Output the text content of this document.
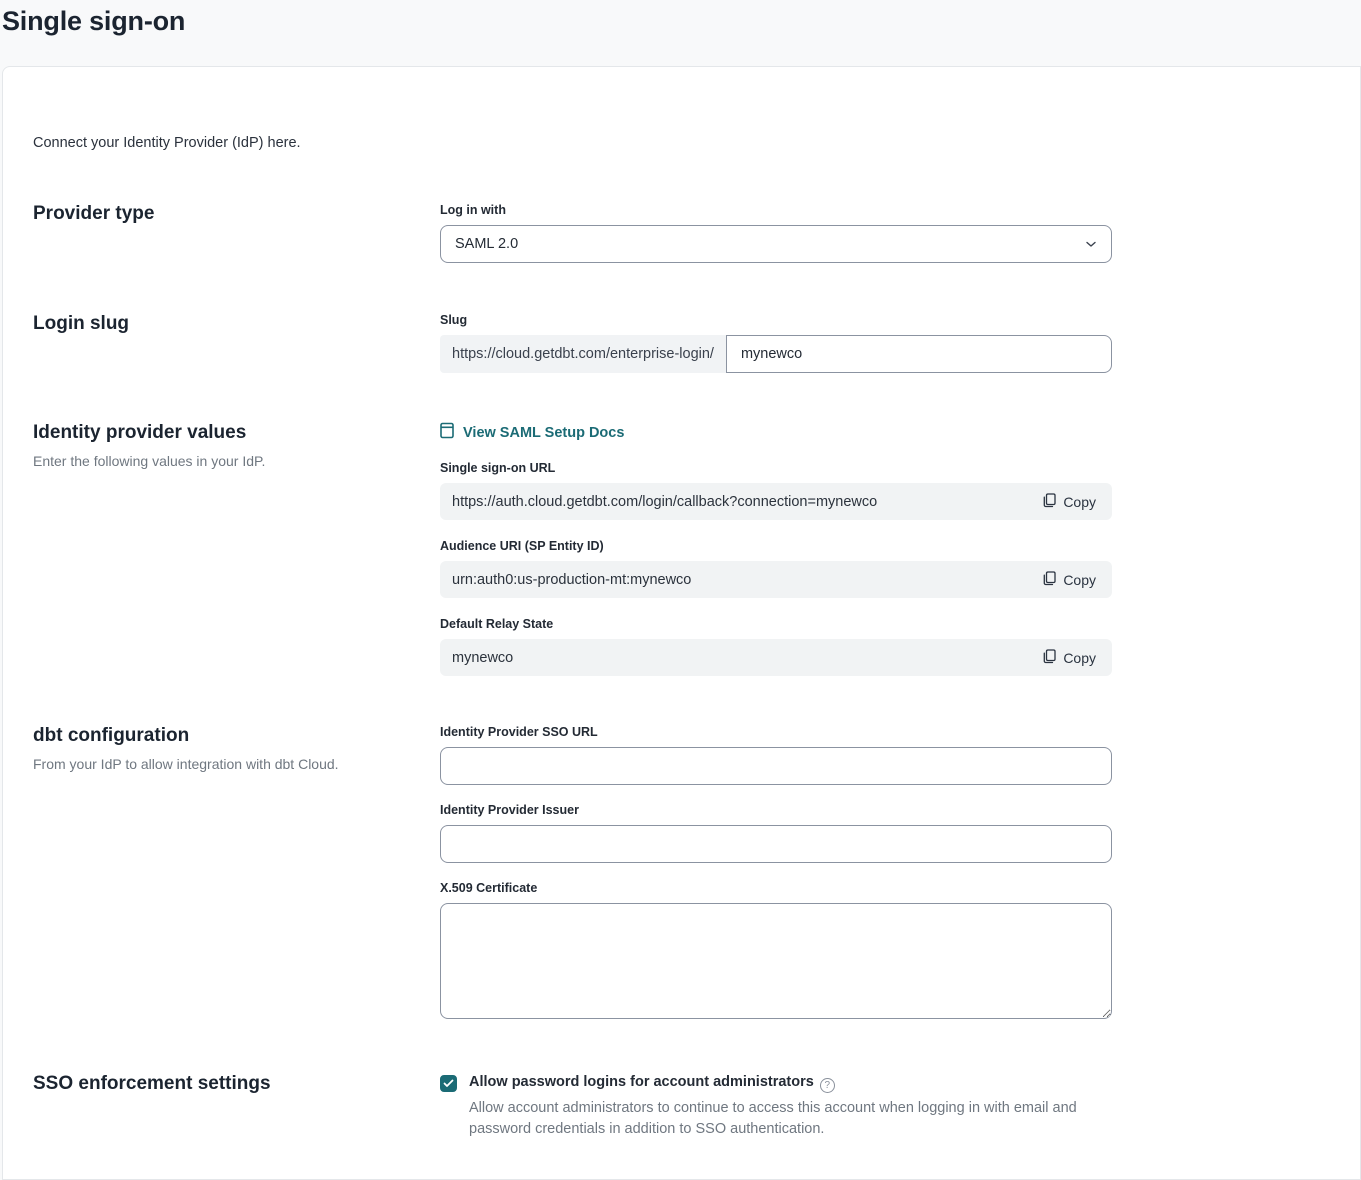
Single sign-on

Connect your Identity Provider (IdP) here.

Provider type	Log in with
SAML 2.0
Login slug	Slug
https://cloud.getdbt.com/enterprise-login/
mynewco
Identity provider values

Enter the following values in your IdP.

View SAML Setup Docs
Single sign-on URL
https://auth.cloud.getdbt.com/login/callback?connection=mynewco	Copy
Audience URI (SP Entity ID)
urn:auth0:us-production-mt:mynewco	Copy
Default Relay State
mynewco	Copy
dbt configuration

From your IdP to allow integration with dbt Cloud.

Identity Provider SSO URL
Identity Provider Issuer
X.509 Certificate
SSO enforcement settings	Allow password logins for account administrators ?

Allow account administrators to continue to access this account when logging in with email and password credentials in addition to SSO authentication.
